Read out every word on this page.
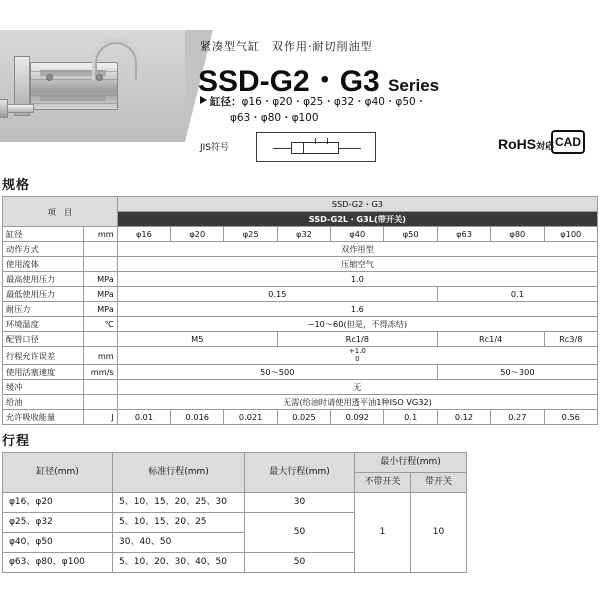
紧凑型气缸　双作用·耐切削油型
SSD-G2・G3 Series
缸径：φ16・φ20・φ25・φ32・φ40・φ50・
φ63・φ80・φ100
JIS符号	RoHS対応 CAD
规格
项　目		SSD-G2・G3								
		SSD-G2L・G3L(带开关)								
缸径	mm	φ16	φ20	φ25	φ32	φ40	φ50	φ63	φ80	φ100
动作方式		双作用型								
使用流体		压缩空气								
最高使用压力	MPa	1.0								
最低使用压力	MPa	0.15						0.1		
耐压力	MPa	1.6								
环境温度	℃	−10～60(但是，不得冻结)								
配管口径		M5			Rc1/8			Rc1/4		Rc3/8
行程允许误差	mm	+1.0
0								

使用活塞速度	mm/s	50～500						50～300		
缓冲		无								
给油		无需(给油时请使用透平油1种ISO VG32)								
允许吸收能量	J	0.01	0.016	0.021	0.025	0.092	0.1	0.12	0.27	0.56
行程
缸径(mm)	标准行程(mm)	最大行程(mm)	最小行程(mm)	
			不带开关	带开关
φ16、φ20	5、10、15、20、25、30	30	1	10
φ25、φ32	5、10、15、20、25	50		
φ40、φ50	30、40、50			
φ63、φ80、φ100	5、10、20、30、40、50	50		
